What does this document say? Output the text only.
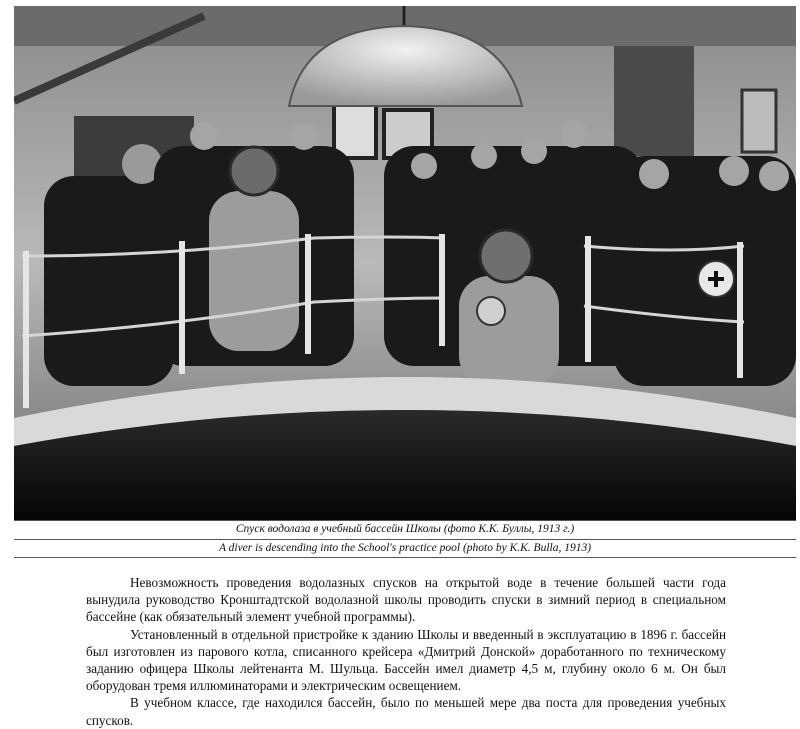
Спуск водолаза в учебный бассейн Школы (фото К.К. Буллы, 1913 г.)
A diver is descending into the School's practice pool (photo by K.K. Bulla, 1913)

Невозможность проведения водолазных спусков на открытой воде в течение большей части года вынудила руководство Кронштадтской водолазной школы проводить спуски в зимний период в специальном бассейне (как обязательный элемент учебной программы).

Установленный в отдельной пристройке к зданию Школы и введенный в эксплуатацию в 1896 г. бассейн был изготовлен из парового котла, списанного крейсера «Дмитрий Донской» доработанного по техническому заданию офицера Школы лейтенанта М. Шульца. Бассейн имел диаметр 4,5 м, глубину около 6 м. Он был оборудован тремя иллюминаторами и электрическим освещением.

В учебном классе, где находился бассейн, было по меньшей мере два поста для проведения учебных спусков.
